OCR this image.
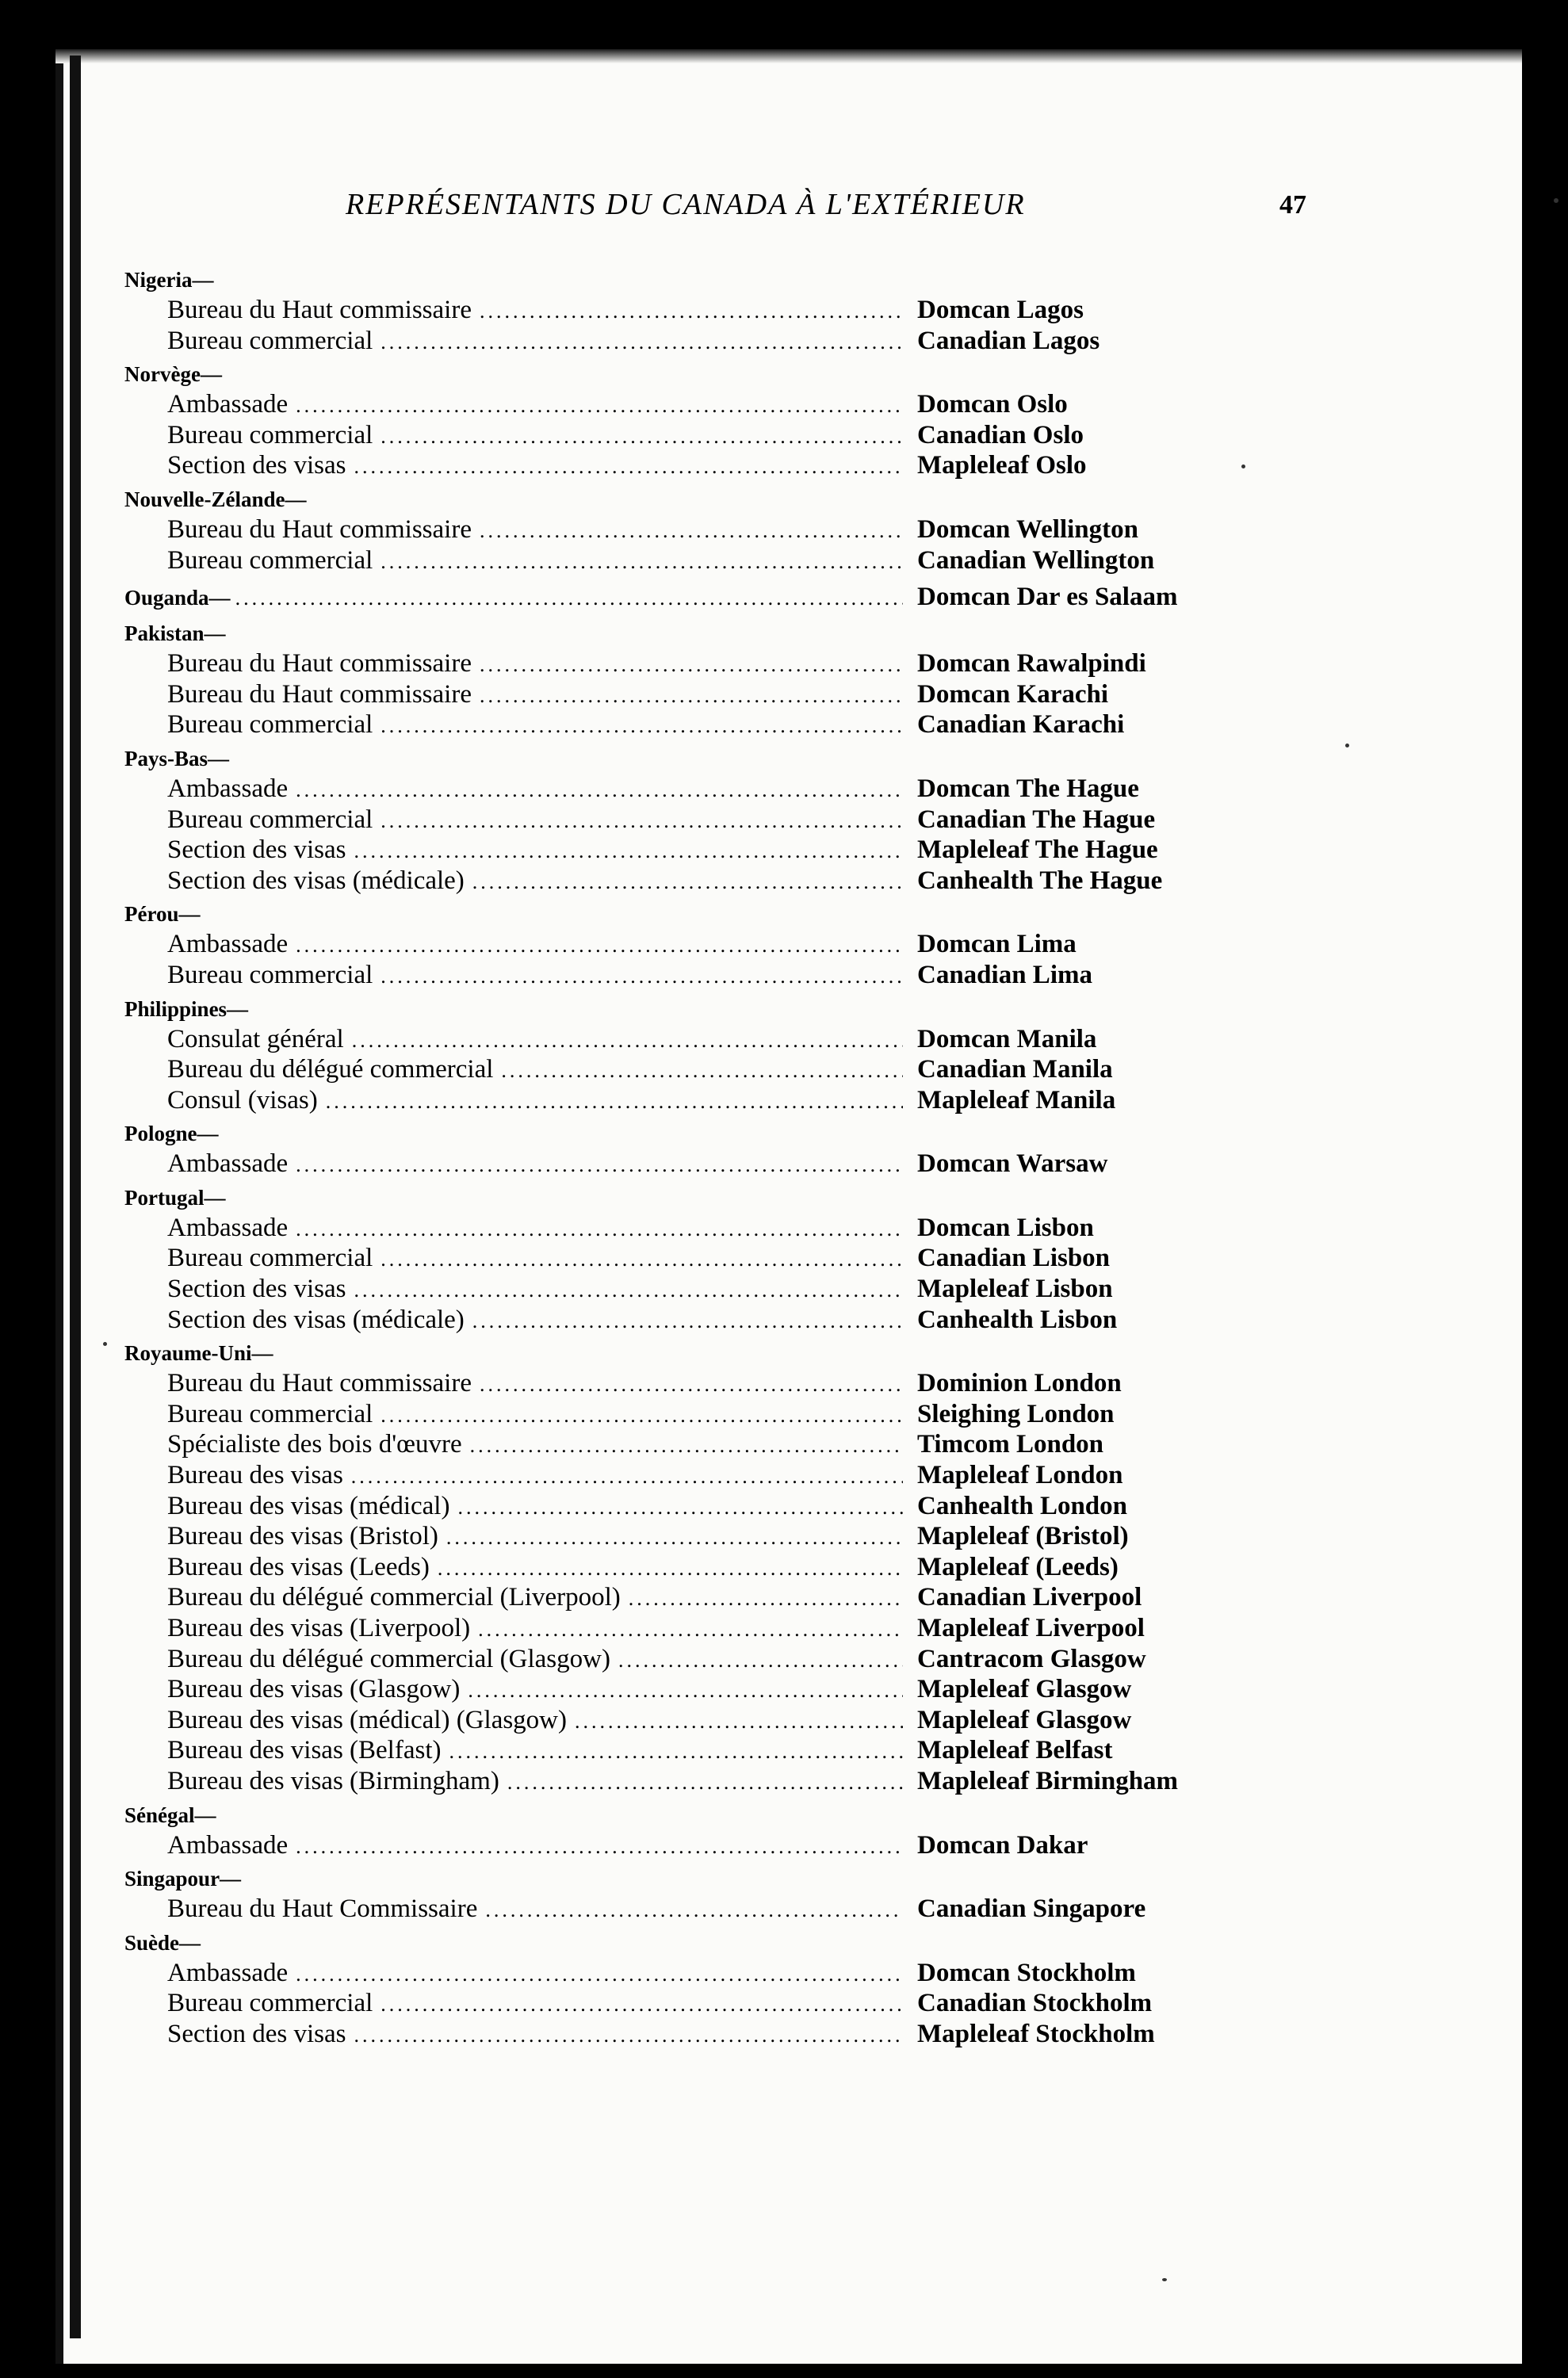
REPRÉSENTANTS DU CANADA À L'EXTÉRIEUR	47
Nigeria—
Bureau du Haut commissaire .....	Domcan Lagos
Bureau commercial .....	Canadian Lagos
Norvège—
Ambassade .....	Domcan Oslo
Bureau commercial .....	Canadian Oslo
Section des visas .....	Mapleleaf Oslo
Nouvelle-Zélande—
Bureau du Haut commissaire .....	Domcan Wellington
Bureau commercial .....	Canadian Wellington
Ouganda— .....	Domcan Dar es Salaam
Pakistan—
Bureau du Haut commissaire .....	Domcan Rawalpindi
Bureau du Haut commissaire .....	Domcan Karachi
Bureau commercial .....	Canadian Karachi
Pays-Bas—
Ambassade .....	Domcan The Hague
Bureau commercial .....	Canadian The Hague
Section des visas .....	Mapleleaf The Hague
Section des visas (médicale) .....	Canhealth The Hague
Pérou—
Ambassade .....	Domcan Lima
Bureau commercial .....	Canadian Lima
Philippines—
Consulat général .....	Domcan Manila
Bureau du délégué commercial .....	Canadian Manila
Consul (visas) .....	Mapleleaf Manila
Pologne—
Ambassade .....	Domcan Warsaw
Portugal—
Ambassade .....	Domcan Lisbon
Bureau commercial .....	Canadian Lisbon
Section des visas .....	Mapleleaf Lisbon
Section des visas (médicale) .....	Canhealth Lisbon
Royaume-Uni—
Bureau du Haut commissaire .....	Dominion London
Bureau commercial .....	Sleighing London
Spécialiste des bois d'œuvre .....	Timcom London
Bureau des visas .....	Mapleleaf London
Bureau des visas (médical) .....	Canhealth London
Bureau des visas (Bristol) .....	Mapleleaf (Bristol)
Bureau des visas (Leeds) .....	Mapleleaf (Leeds)
Bureau du délégué commercial (Liverpool) .....	Canadian Liverpool
Bureau des visas (Liverpool) .....	Mapleleaf Liverpool
Bureau du délégué commercial (Glasgow) .....	Cantracom Glasgow
Bureau des visas (Glasgow) .....	Mapleleaf Glasgow
Bureau des visas (médical) (Glasgow) .....	Mapleleaf Glasgow
Bureau des visas (Belfast) .....	Mapleleaf Belfast
Bureau des visas (Birmingham) .....	Mapleleaf Birmingham
Sénégal—
Ambassade .....	Domcan Dakar
Singapour—
Bureau du Haut Commissaire .....	Canadian Singapore
Suède—
Ambassade .....	Domcan Stockholm
Bureau commercial .....	Canadian Stockholm
Section des visas .....	Mapleleaf Stockholm
